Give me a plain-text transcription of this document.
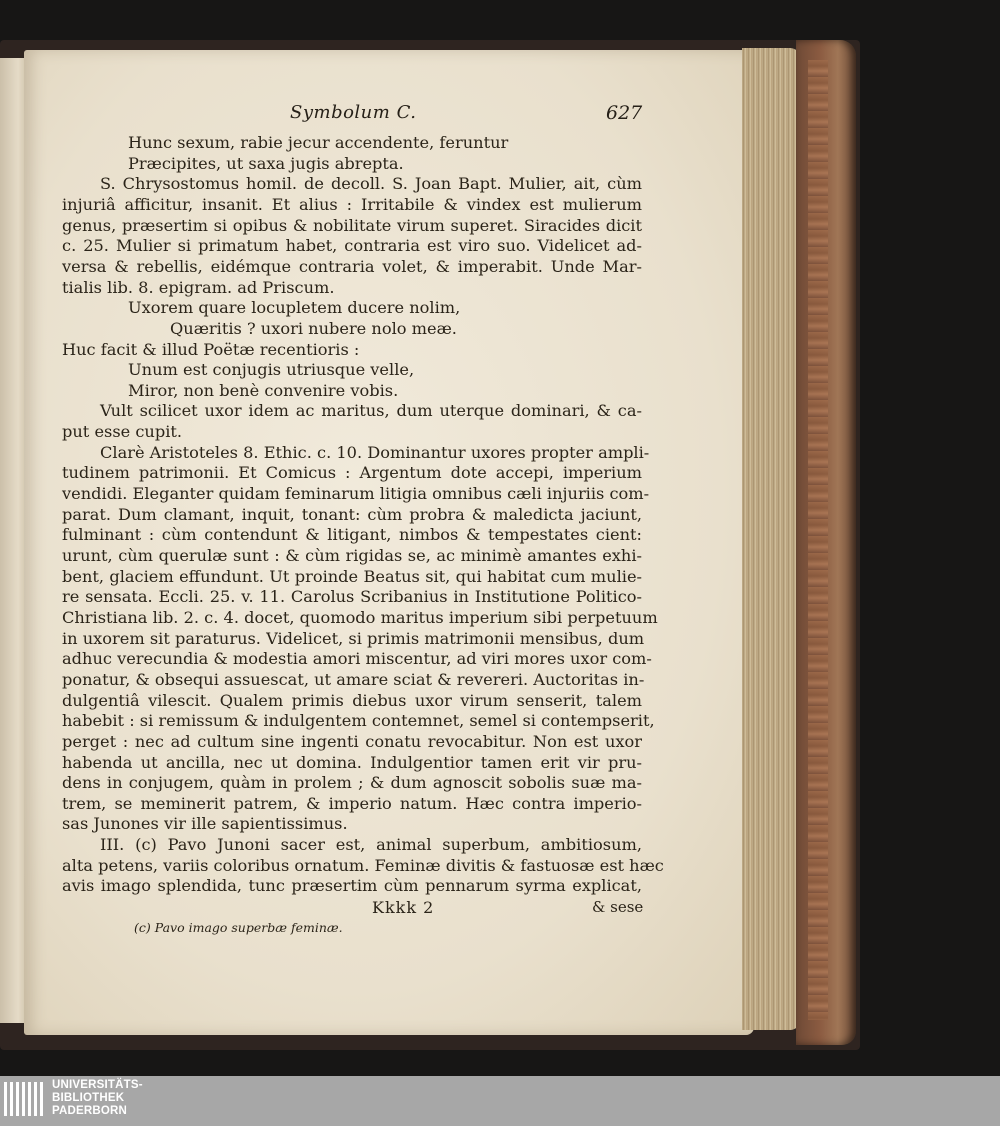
Symbolum C.	627
Hunc sexum, rabie jecur accendente, feruntur
Præcipites, ut saxa jugis abrepta.
S. Chrysostomus homil. de decoll. S. Joan Bapt. Mulier, ait, cùm
injuriâ afficitur, insanit. Et alius : Irritabile & vindex est mulierum
genus, præsertim si opibus & nobilitate virum superet. Siracides dicit
c. 25. Mulier si primatum habet, contraria est viro suo. Videlicet ad-
versa & rebellis, eidémque contraria volet, & imperabit. Unde Mar-
tialis lib. 8. epigram. ad Priscum.
Uxorem quare locupletem ducere nolim,
Quæritis ? uxori nubere nolo meæ.
Huc facit & illud Poëtæ recentioris :
Unum est conjugis utriusque velle,
Miror, non benè convenire vobis.
Vult scilicet uxor idem ac maritus, dum uterque dominari, & ca-
put esse cupit.
Clarè Aristoteles 8. Ethic. c. 10. Dominantur uxores propter ampli-
tudinem patrimonii. Et Comicus : Argentum dote accepi, imperium
vendidi. Eleganter quidam feminarum litigia omnibus cæli injuriis com-
parat. Dum clamant, inquit, tonant: cùm probra & maledicta jaciunt,
fulminant : cùm contendunt & litigant, nimbos & tempestates cient:
urunt, cùm querulæ sunt : & cùm rigidas se, ac minimè amantes exhi-
bent, glaciem effundunt. Ut proinde Beatus sit, qui habitat cum mulie-
re sensata. Eccli. 25. v. 11. Carolus Scribanius in Institutione Politico-
Christiana lib. 2. c. 4. docet, quomodo maritus imperium sibi perpetuum
in uxorem sit paraturus. Videlicet, si primis matrimonii mensibus, dum
adhuc verecundia & modestia amori miscentur, ad viri mores uxor com-
ponatur, & obsequi assuescat, ut amare sciat & revereri. Auctoritas in-
dulgentiâ vilescit. Qualem primis diebus uxor virum senserit, talem
habebit : si remissum & indulgentem contemnet, semel si contempserit,
perget : nec ad cultum sine ingenti conatu revocabitur. Non est uxor
habenda ut ancilla, nec ut domina. Indulgentior tamen erit vir pru-
dens in conjugem, quàm in prolem ; & dum agnoscit sobolis suæ ma-
trem, se meminerit patrem, & imperio natum. Hæc contra imperio-
sas Junones vir ille sapientissimus.
III. (c) Pavo Junoni sacer est, animal superbum, ambitiosum,
alta petens, variis coloribus ornatum. Feminæ divitis & fastuosæ est hæc
avis imago splendida, tunc præsertim cùm pennarum syrma explicat,
Kkkk 2	& sese
(c) Pavo imago superbæ feminæ.
UNIVERSITÄTS-
BIBLIOTHEK
PADERBORN
